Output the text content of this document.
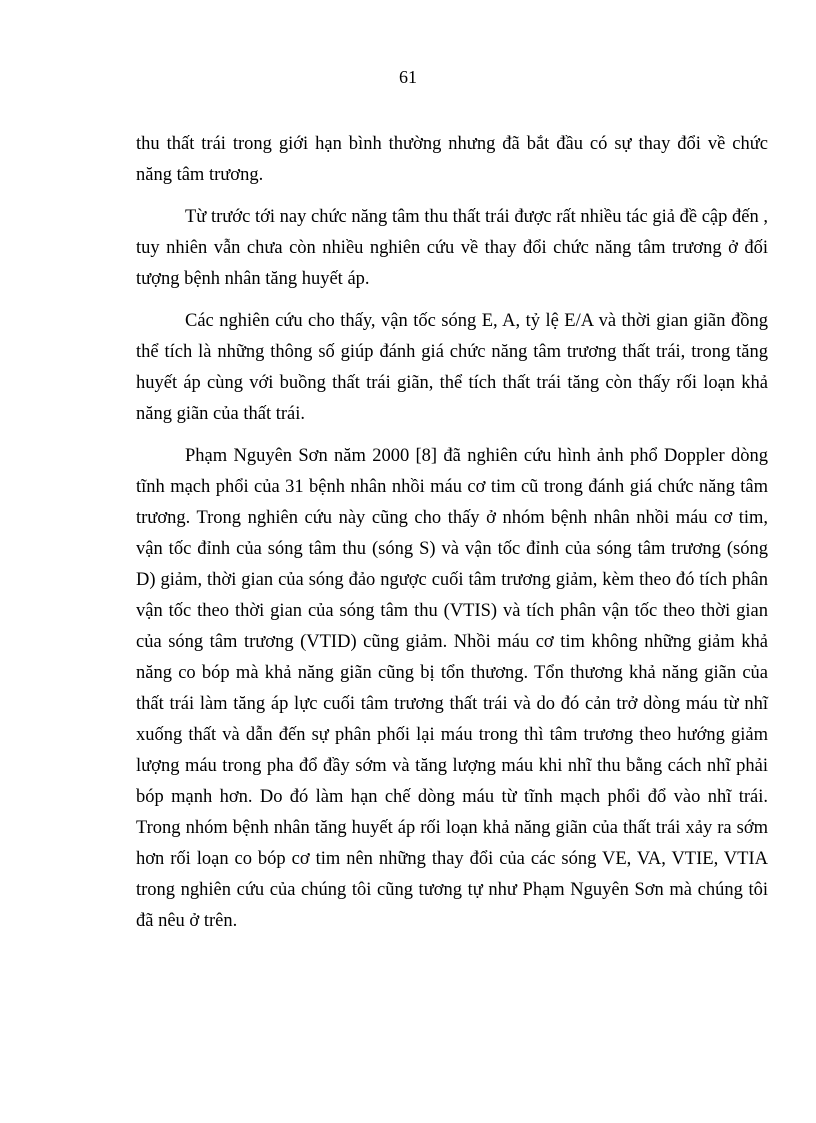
61

thu thất trái trong giới hạn bình thường nhưng đã bắt đầu có sự thay đổi về chức năng tâm trương.

Từ trước tới nay chức năng tâm thu thất trái được rất nhiều tác giả đề cập đến , tuy nhiên vẫn chưa còn nhiều nghiên cứu về thay đổi chức năng tâm trương ở đối tượng bệnh nhân tăng huyết áp.

Các nghiên cứu cho thấy, vận tốc sóng E, A, tỷ lệ E/A và thời gian giãn đồng thể tích là những thông số giúp đánh giá chức năng tâm trương thất trái, trong tăng huyết áp cùng với buồng thất trái giãn, thể tích thất trái tăng còn thấy rối loạn khả năng giãn của thất trái.

Phạm Nguyên Sơn năm 2000 [8] đã nghiên cứu hình ảnh phổ Doppler dòng tĩnh mạch phổi của 31 bệnh nhân nhồi máu cơ tim cũ trong đánh giá chức năng tâm trương. Trong nghiên cứu này cũng cho thấy ở nhóm bệnh nhân nhồi máu cơ tim, vận tốc đỉnh của sóng tâm thu (sóng S) và vận tốc đỉnh của sóng tâm trương (sóng D) giảm, thời gian của sóng đảo ngược cuối tâm trương giảm, kèm theo đó tích phân vận tốc theo thời gian của sóng tâm thu (VTIS) và tích phân vận tốc theo thời gian của sóng tâm trương (VTID) cũng giảm. Nhồi máu cơ tim không những giảm khả năng co bóp mà khả năng giãn cũng bị tổn thương. Tổn thương khả năng giãn của thất trái làm tăng áp lực cuối tâm trương thất trái và do đó cản trở dòng máu từ nhĩ xuống thất và dẫn đến sự phân phối lại máu trong thì tâm trương theo hướng giảm lượng máu trong pha đổ đầy sớm và tăng lượng máu khi nhĩ thu bằng cách nhĩ phải bóp mạnh hơn. Do đó làm hạn chế dòng máu từ tĩnh mạch phổi đổ vào nhĩ trái. Trong nhóm bệnh nhân tăng huyết áp rối loạn khả năng giãn của thất trái xảy ra sớm hơn rối loạn co bóp cơ tim nên những thay đổi của các sóng VE, VA, VTIE, VTIA trong nghiên cứu của chúng tôi cũng tương tự như Phạm Nguyên Sơn mà chúng tôi đã nêu ở trên.
